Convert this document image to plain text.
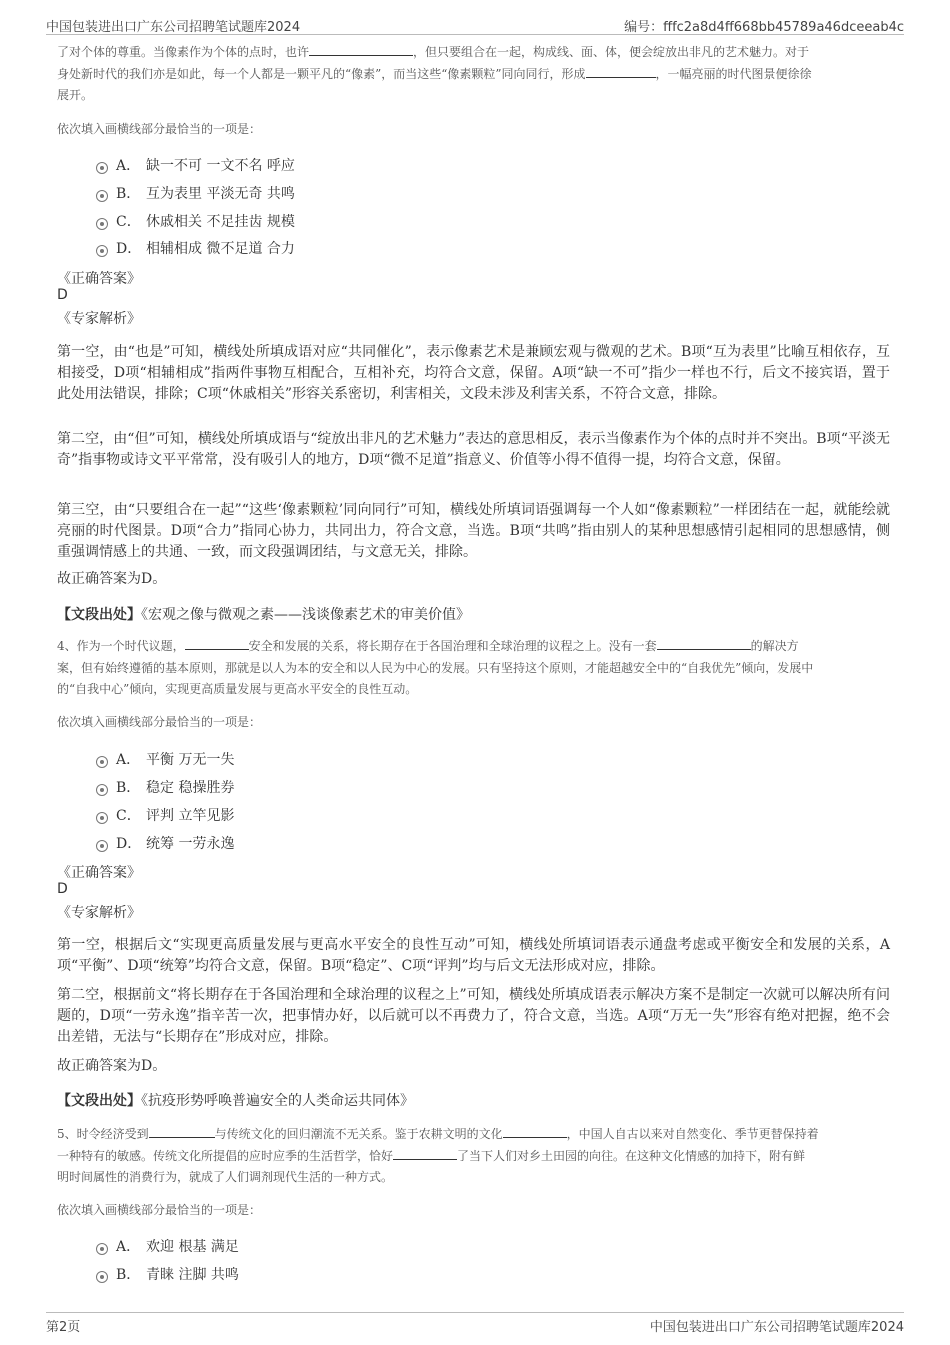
中国包装进出口广东公司招聘笔试题库2024	编号：fffc2a8d4ff668bb45789a46dceeab4c
了对个体的尊重。当像素作为个体的点时，也许	，但只要组合在一起，构成线、面、体，便会绽放出非凡的艺术魅力。对于
身处新时代的我们亦是如此，每一个人都是一颗平凡的“像素”，而当这些“像素颗粒”同向同行，形成	，一幅亮丽的时代图景便徐徐
展开。
依次填入画横线部分最恰当的一项是：
A． 缺一不可 一文不名 呼应
B． 互为表里 平淡无奇 共鸣
C． 休戚相关 不足挂齿 规模
D． 相辅相成 微不足道 合力
《正确答案》
D
《专家解析》
第一空，由“也是”可知，横线处所填成语对应“共同催化”，表示像素艺术是兼顾宏观与微观的艺术。B项“互为表里”比喻互相依存，互相接受，D项“相辅相成”指两件事物互相配合，互相补充，均符合文意，保留。A项“缺一不可”指少一样也不行，后文不接宾语，置于此处用法错误，排除；C项“休戚相关”形容关系密切，利害相关，文段未涉及利害关系，不符合文意，排除。
第二空，由“但”可知，横线处所填成语与“绽放出非凡的艺术魅力”表达的意思相反，表示当像素作为个体的点时并不突出。B项“平淡无奇”指事物或诗文平平常常，没有吸引人的地方，D项“微不足道”指意义、价值等小得不值得一提，均符合文意，保留。
第三空，由“只要组合在一起”“这些‘像素颗粒’同向同行”可知，横线处所填词语强调每一个人如“像素颗粒”一样团结在一起，就能绘就亮丽的时代图景。D项“合力”指同心协力，共同出力，符合文意，当选。B项“共鸣”指由别人的某种思想感情引起相同的思想感情，侧重强调情感上的共通、一致，而文段强调团结，与文意无关，排除。
故正确答案为D。
【文段出处】《宏观之像与微观之素——浅谈像素艺术的审美价值》
4、作为一个时代议题，	安全和发展的关系，将长期存在于各国治理和全球治理的议程之上。没有一套	的解决方
案，但有始终遵循的基本原则，那就是以人为本的安全和以人民为中心的发展。只有坚持这个原则，才能超越安全中的“自我优先”倾向，发展中
的“自我中心”倾向，实现更高质量发展与更高水平安全的良性互动。
依次填入画横线部分最恰当的一项是：
A． 平衡 万无一失
B． 稳定 稳操胜券
C． 评判 立竿见影
D． 统筹 一劳永逸
《正确答案》
D
《专家解析》
第一空，根据后文“实现更高质量发展与更高水平安全的良性互动”可知，横线处所填词语表示通盘考虑或平衡安全和发展的关系，A项“平衡”、D项“统筹”均符合文意，保留。B项“稳定”、C项“评判”均与后文无法形成对应，排除。
第二空，根据前文“将长期存在于各国治理和全球治理的议程之上”可知，横线处所填成语表示解决方案不是制定一次就可以解决所有问题的，D项“一劳永逸”指辛苦一次，把事情办好，以后就可以不再费力了，符合文意，当选。A项“万无一失”形容有绝对把握，绝不会出差错，无法与“长期存在”形成对应，排除。
故正确答案为D。
【文段出处】《抗疫形势呼唤普遍安全的人类命运共同体》
5、时令经济受到	与传统文化的回归潮流不无关系。鉴于农耕文明的文化	，中国人自古以来对自然变化、季节更替保持着
一种特有的敏感。传统文化所提倡的应时应季的生活哲学，恰好	了当下人们对乡土田园的向往。在这种文化情感的加持下，附有鲜
明时间属性的消费行为，就成了人们调剂现代生活的一种方式。
依次填入画横线部分最恰当的一项是：
A． 欢迎 根基 满足
B． 青睐 注脚 共鸣
第2页	中国包装进出口广东公司招聘笔试题库2024
